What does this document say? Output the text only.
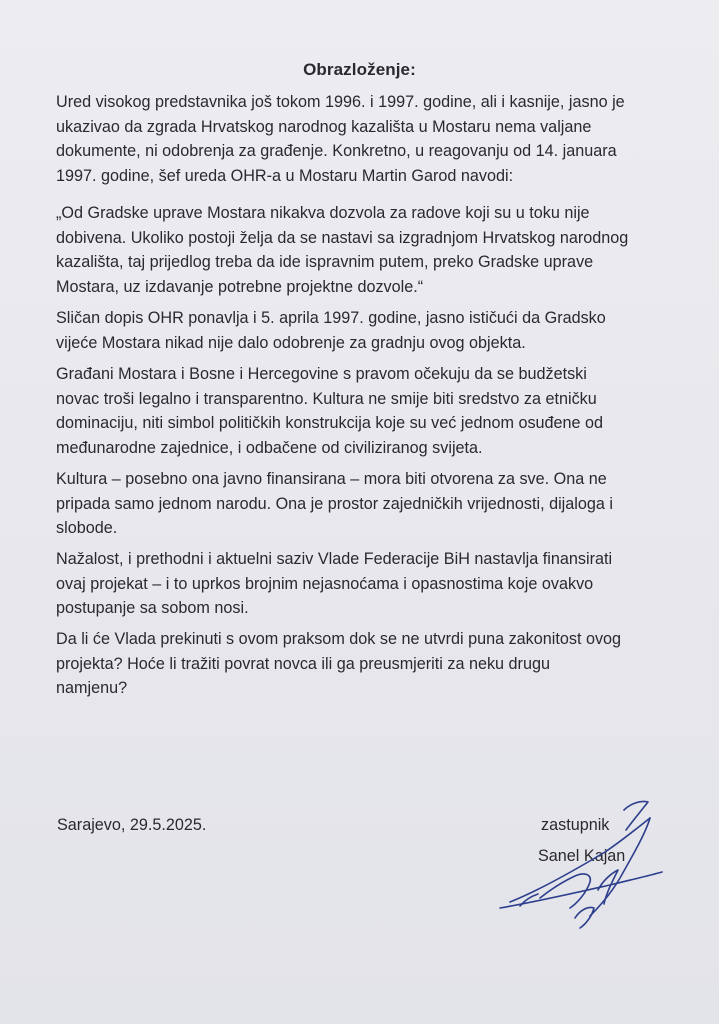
Obrazloženje:

Ured visokog predstavnika još tokom 1996. i 1997. godine, ali i kasnije, jasno je
ukazivao da zgrada Hrvatskog narodnog kazališta u Mostaru nema valjane
dokumente, ni odobrenja za građenje. Konkretno, u reagovanju od 14. januara
1997. godine, šef ureda OHR-a u Mostaru Martin Garod navodi:

„Od Gradske uprave Mostara nikakva dozvola za radove koji su u toku nije
dobivena. Ukoliko postoji želja da se nastavi sa izgradnjom Hrvatskog narodnog
kazališta, taj prijedlog treba da ide ispravnim putem, preko Gradske uprave
Mostara, uz izdavanje potrebne projektne dozvole.“

Sličan dopis OHR ponavlja i 5. aprila 1997. godine, jasno ističući da Gradsko
vijeće Mostara nikad nije dalo odobrenje za gradnju ovog objekta.

Građani Mostara i Bosne i Hercegovine s pravom očekuju da se budžetski
novac troši legalno i transparentno. Kultura ne smije biti sredstvo za etničku
dominaciju, niti simbol političkih konstrukcija koje su već jednom osuđene od
međunarodne zajednice, i odbačene od civiliziranog svijeta.

Kultura – posebno ona javno finansirana – mora biti otvorena za sve. Ona ne
pripada samo jednom narodu. Ona je prostor zajedničkih vrijednosti, dijaloga i
slobode.

Nažalost, i prethodni i aktuelni saziv Vlade Federacije BiH nastavlja finansirati
ovaj projekat – i to uprkos brojnim nejasnoćama i opasnostima koje ovakvo
postupanje sa sobom nosi.

Da li će Vlada prekinuti s ovom praksom dok se ne utvrdi puna zakonitost ovog
projekta? Hoće li tražiti povrat novca ili ga preusmjeriti za neku drugu
namjenu?

Sarajevo, 29.5.2025.	zastupnik
Sanel Kajan
